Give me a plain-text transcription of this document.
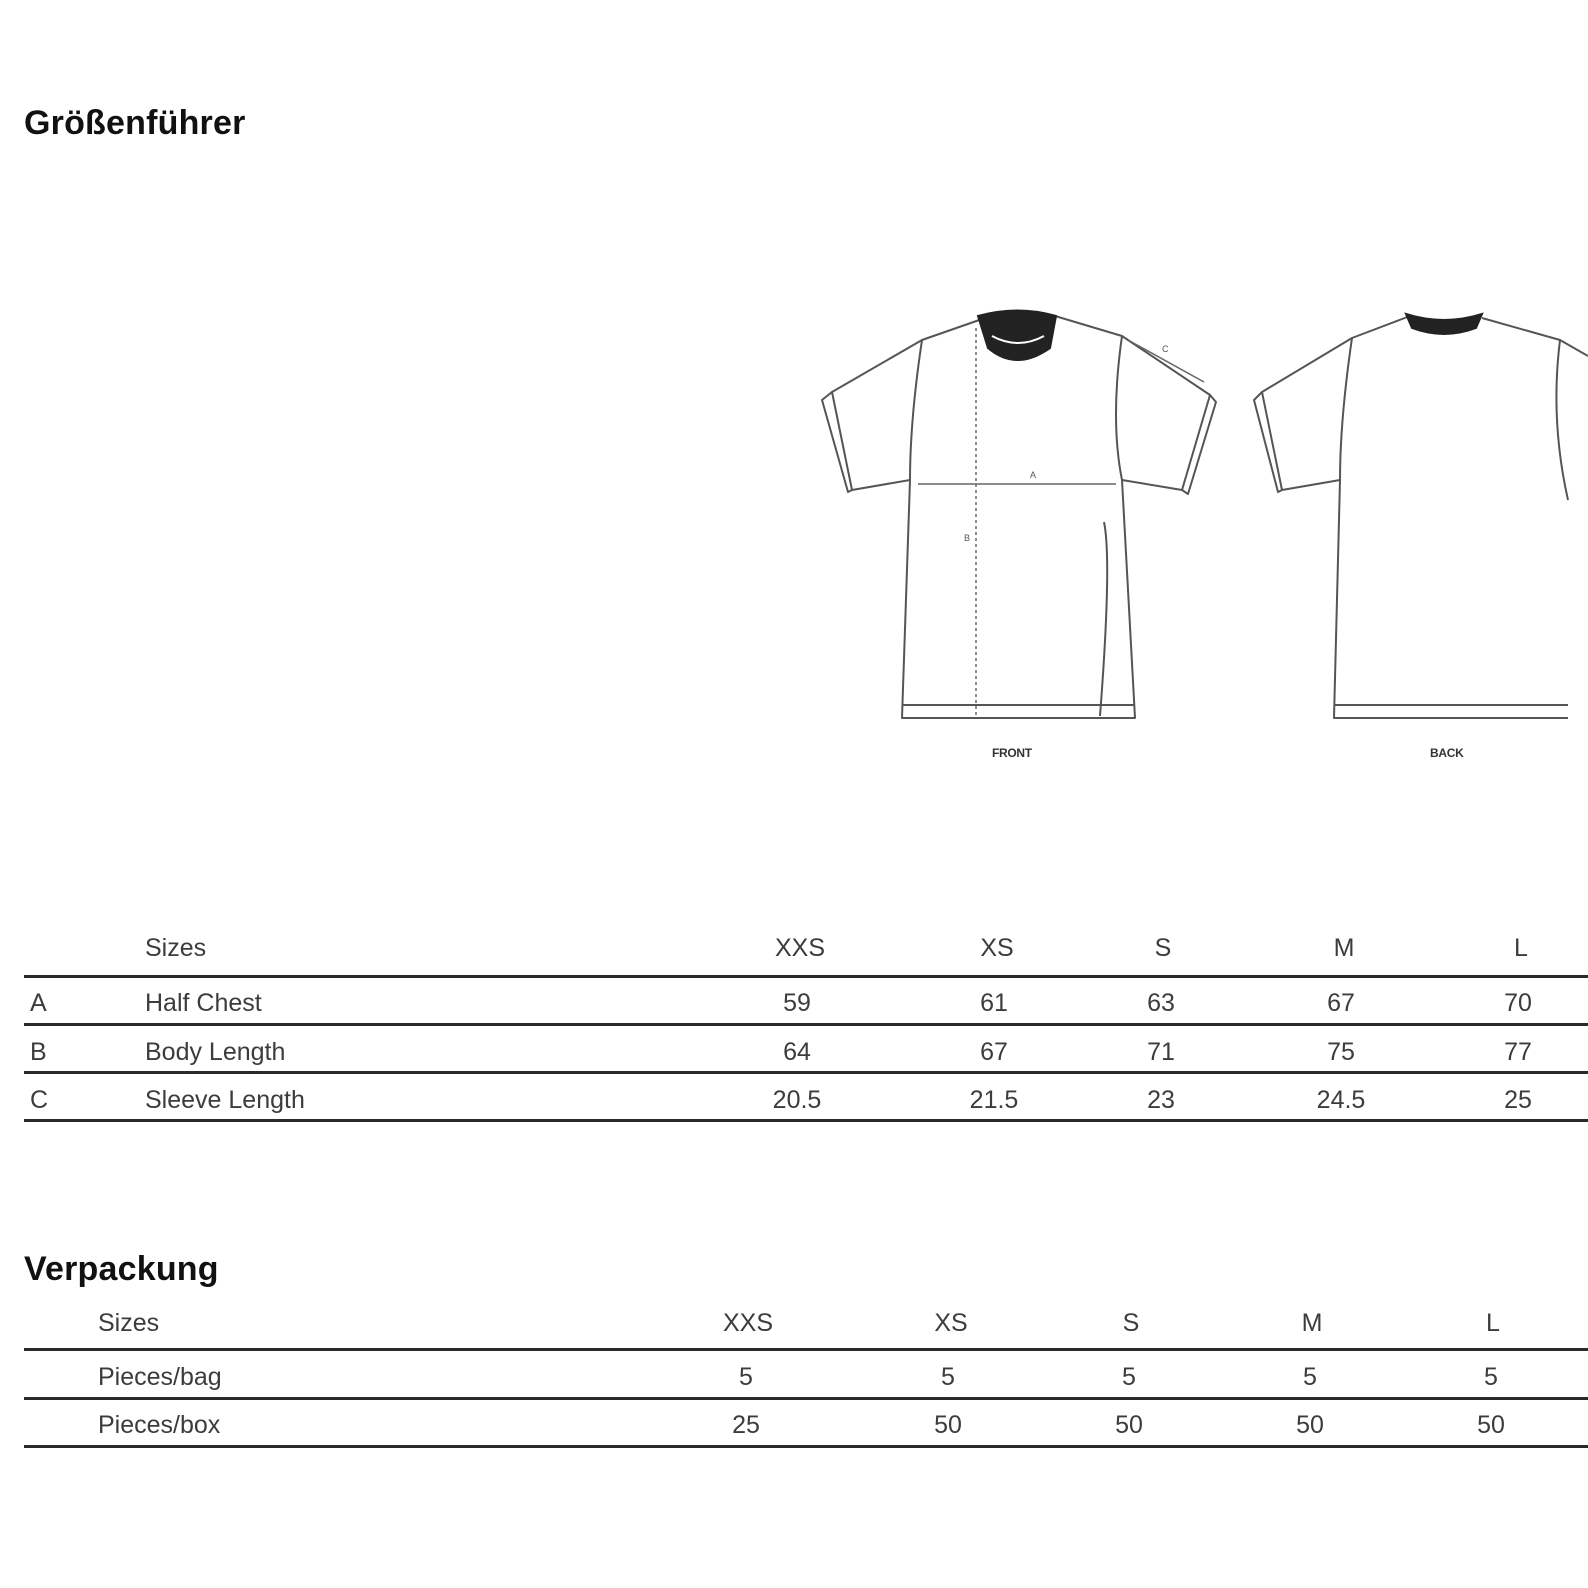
Größenführer
A
B
C
FRONT	BACK
Sizes	XXS	XS	S	M	L
A	Half Chest	59	61	63	67	70
B	Body Length	64	67	71	75	77
C	Sleeve Length	20.5	21.5	23	24.5	25
Verpackung
Sizes	XXS	XS	S	M	L
Pieces/bag	5	5	5	5	5
Pieces/box	25	50	50	50	50
